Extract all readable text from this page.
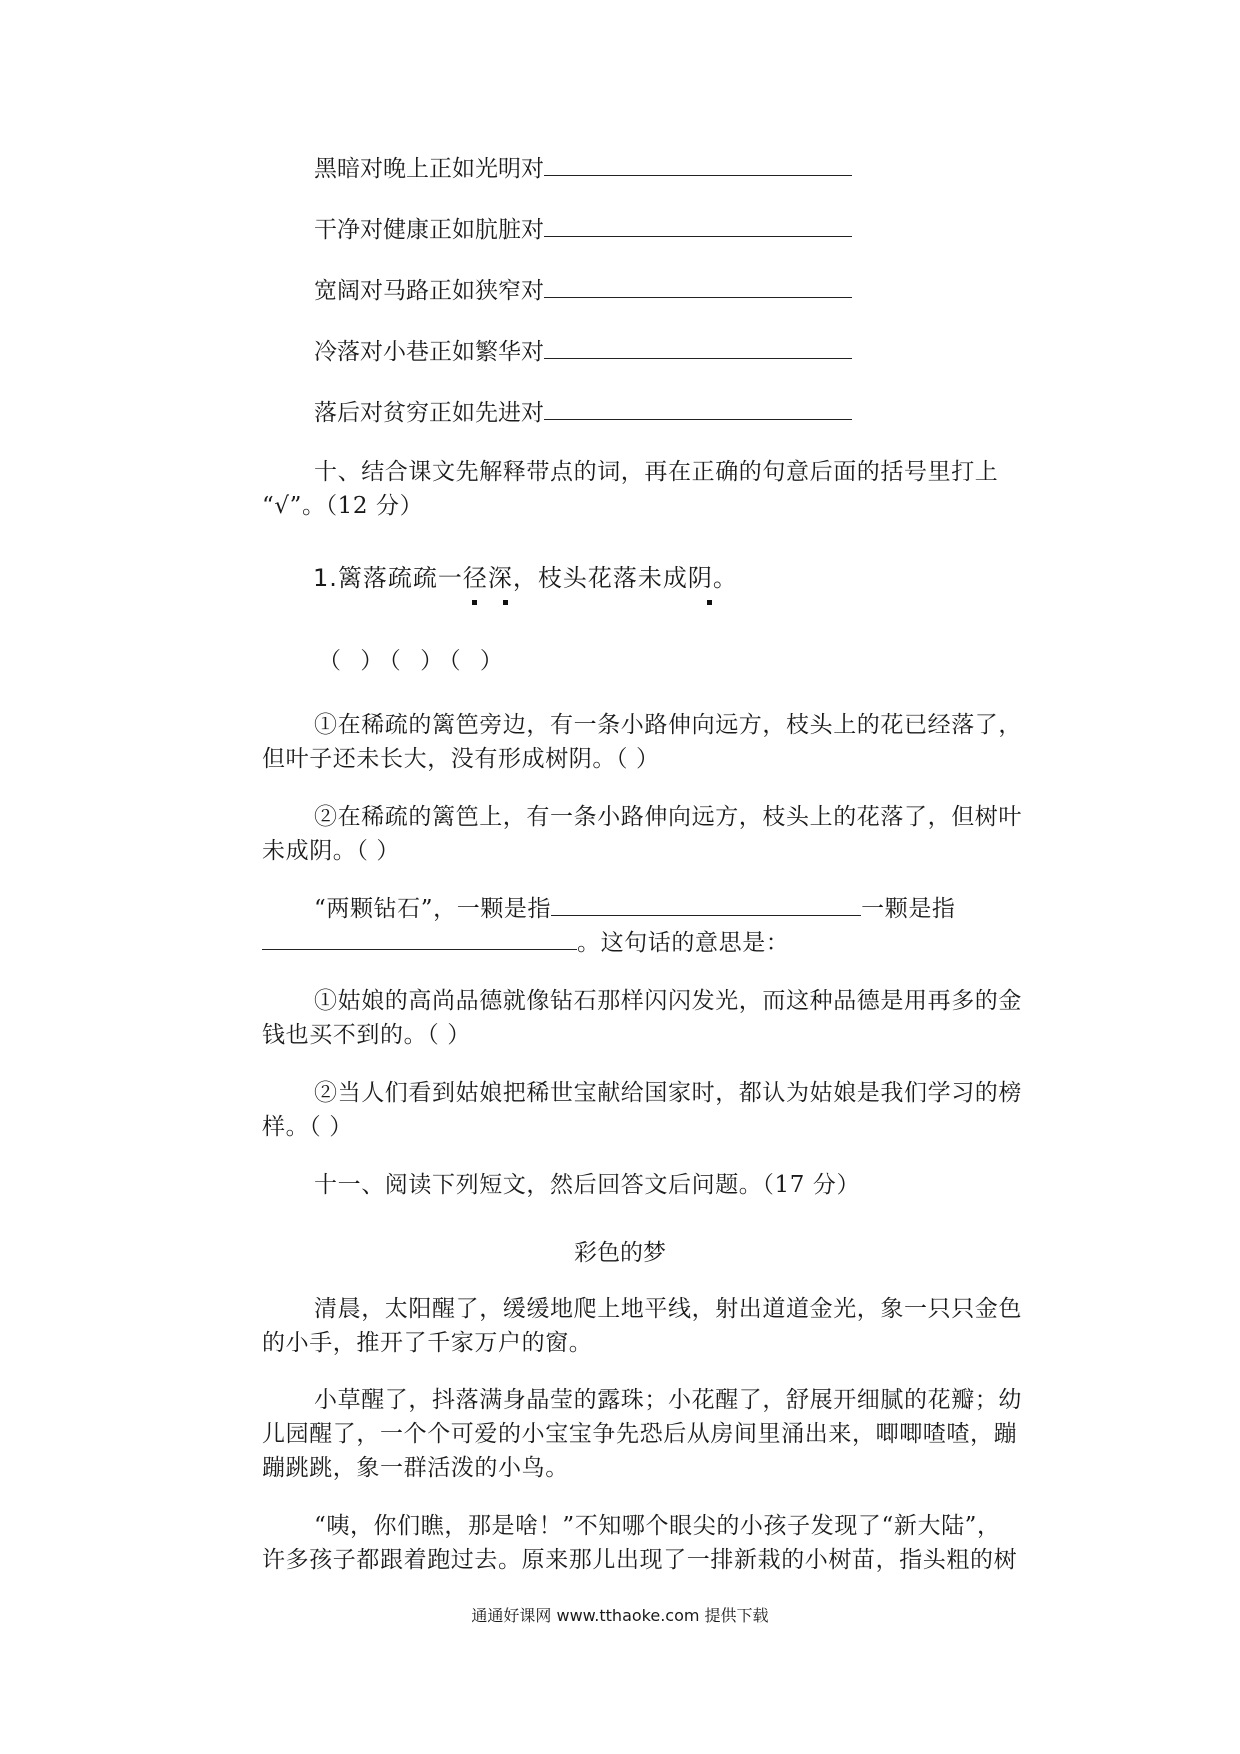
黑暗对晚上正如光明对
干净对健康正如肮脏对
宽阔对马路正如狭窄对
冷落对小巷正如繁华对
落后对贫穷正如先进对
十、结合课文先解释带点的词，再在正确的句意后面的括号里打上
“√”。（12 分）
1.篱落疏疏一径深，枝头花落未成阴。
（ ）（ ）（ ）
①在稀疏的篱笆旁边，有一条小路伸向远方，枝头上的花已经落了，
但叶子还未长大，没有形成树阴。（ ）
②在稀疏的篱笆上，有一条小路伸向远方，枝头上的花落了，但树叶
未成阴。（ ）
“两颗钻石”，一颗是指	一颗是指
。这句话的意思是：
①姑娘的高尚品德就像钻石那样闪闪发光，而这种品德是用再多的金
钱也买不到的。（ ）
②当人们看到姑娘把稀世宝献给国家时，都认为姑娘是我们学习的榜
样。（ ）
十一、阅读下列短文，然后回答文后问题。（17 分）
彩色的梦
清晨，太阳醒了，缓缓地爬上地平线，射出道道金光，象一只只金色
的小手，推开了千家万户的窗。
小草醒了，抖落满身晶莹的露珠；小花醒了，舒展开细腻的花瓣；幼
儿园醒了，一个个可爱的小宝宝争先恐后从房间里涌出来，唧唧喳喳，蹦
蹦跳跳，象一群活泼的小鸟。
“咦，你们瞧，那是啥！”不知哪个眼尖的小孩子发现了“新大陆”，
许多孩子都跟着跑过去。原来那儿出现了一排新栽的小树苗，指头粗的树
通通好课网 www.tthaoke.com 提供下载
